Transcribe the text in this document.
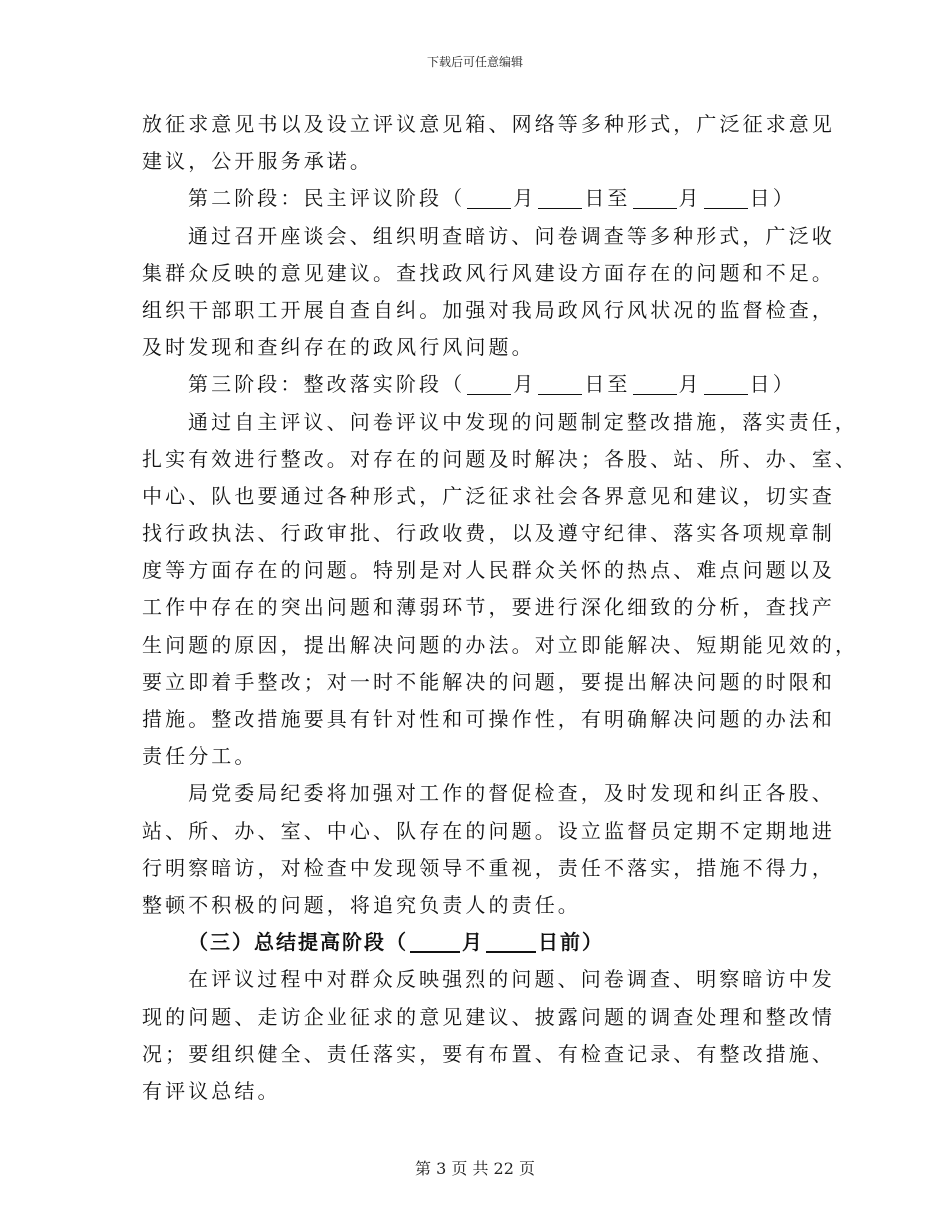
下载后可任意编辑
放征求意见书以及设立评议意见箱、网络等多种形式，广泛征求意见
建议，公开服务承诺。
第二阶段：民主评议阶段（ 月 日至 月 日）
通过召开座谈会、组织明查暗访、问卷调查等多种形式，广泛收
集群众反映的意见建议。查找政风行风建设方面存在的问题和不足。
组织干部职工开展自查自纠。加强对我局政风行风状况的监督检查，
及时发现和查纠存在的政风行风问题。
第三阶段：整改落实阶段（ 月 日至 月 日）
通过自主评议、问卷评议中发现的问题制定整改措施，落实责任，
扎实有效进行整改。对存在的问题及时解决；各股、站、所、办、室、
中心、队也要通过各种形式，广泛征求社会各界意见和建议，切实查
找行政执法、行政审批、行政收费，以及遵守纪律、落实各项规章制
度等方面存在的问题。特别是对人民群众关怀的热点、难点问题以及
工作中存在的突出问题和薄弱环节，要进行深化细致的分析，查找产
生问题的原因，提出解决问题的办法。对立即能解决、短期能见效的，
要立即着手整改；对一时不能解决的问题，要提出解决问题的时限和
措施。整改措施要具有针对性和可操作性，有明确解决问题的办法和
责任分工。
局党委局纪委将加强对工作的督促检查，及时发现和纠正各股、
站、所、办、室、中心、队存在的问题。设立监督员定期不定期地进
行明察暗访，对检查中发现领导不重视，责任不落实，措施不得力，
整顿不积极的问题，将追究负责人的责任。
（三）总结提高阶段（	月	日前）
在评议过程中对群众反映强烈的问题、问卷调查、明察暗访中发
现的问题、走访企业征求的意见建议、披露问题的调查处理和整改情
况；要组织健全、责任落实，要有布置、有检查记录、有整改措施、
有评议总结。
第 3 页 共 22 页
